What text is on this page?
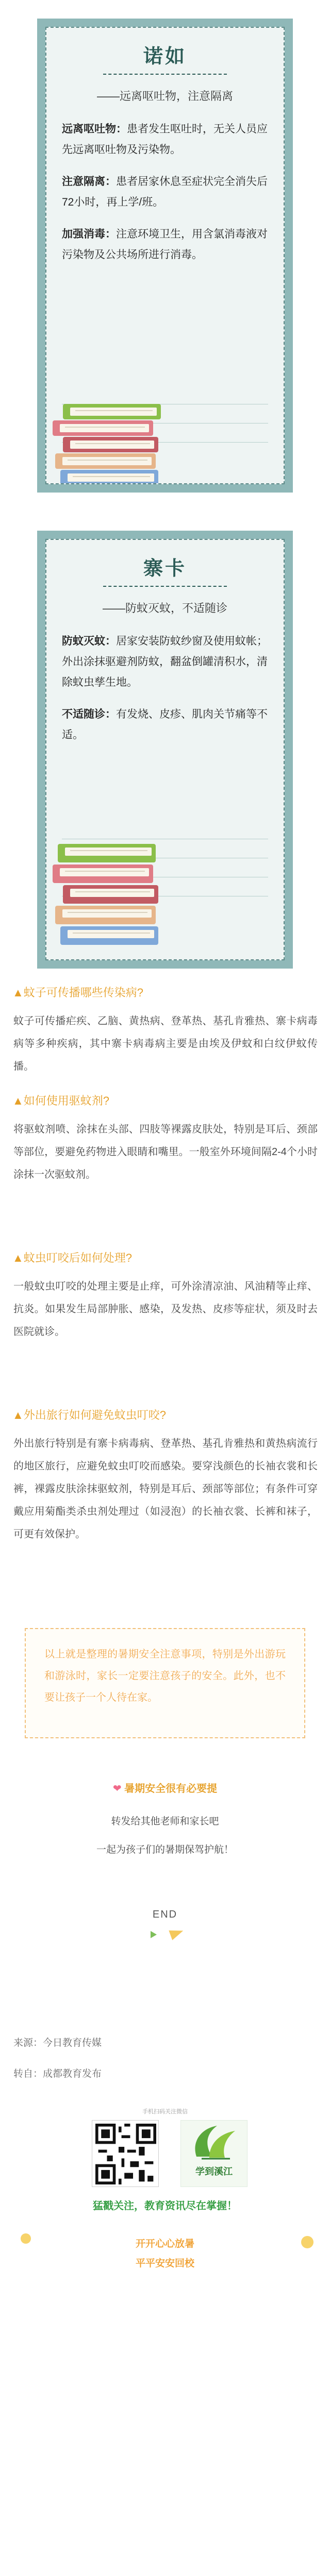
诺如
——远离呕吐物，注意隔离
远离呕吐物：患者发生呕吐时，无关人员应先远离呕吐物及污染物。
注意隔离：患者居家休息至症状完全消失后72小时，再上学/班。
加强消毒：注意环境卫生，用含氯消毒液对污染物及公共场所进行消毒。
寨卡
——防蚊灭蚊，不适随诊
防蚊灭蚊：居家安装防蚊纱窗及使用蚊帐；外出涂抹驱避剂防蚊，翻盆倒罐清积水，清除蚊虫孳生地。
不适随诊：有发烧、皮疹、肌肉关节痛等不适。
▲蚊子可传播哪些传染病?
蚊子可传播疟疾、乙脑、黄热病、登革热、基孔肯雅热、寨卡病毒病等多种疾病，其中寨卡病毒病主要是由埃及伊蚊和白纹伊蚊传播。
▲如何使用驱蚊剂?
将驱蚊剂喷、涂抹在头部、四肢等裸露皮肤处，特别是耳后、颈部等部位，要避免药物进入眼睛和嘴里。一般室外环境间隔2-4个小时涂抹一次驱蚊剂。
▲蚊虫叮咬后如何处理?
一般蚊虫叮咬的处理主要是止痒，可外涂清凉油、风油精等止痒、抗炎。如果发生局部肿胀、感染，及发热、皮疹等症状，须及时去医院就诊。
▲外出旅行如何避免蚊虫叮咬?
外出旅行特别是有寨卡病毒病、登革热、基孔肯雅热和黄热病流行的地区旅行，应避免蚊虫叮咬而感染。要穿浅颜色的长袖衣裳和长裤，裸露皮肤涂抹驱蚊剂，特别是耳后、颈部等部位；有条件可穿戴应用菊酯类杀虫剂处理过（如浸泡）的长袖衣裳、长裤和袜子，可更有效保护。
以上就是整理的暑期安全注意事项，特别是外出游玩和游泳时，家长一定要注意孩子的安全。此外，也不要让孩子一个人待在家。
❤ 暑期安全很有必要提
转发给其他老师和家长吧
一起为孩子们的暑期保驾护航！
END
来源：今日教育传媒
转自：成都教育发布
手机扫码关注微信
学到溪江
猛戳关注，教育资讯尽在掌握！
开开心心放暑
平平安安回校
